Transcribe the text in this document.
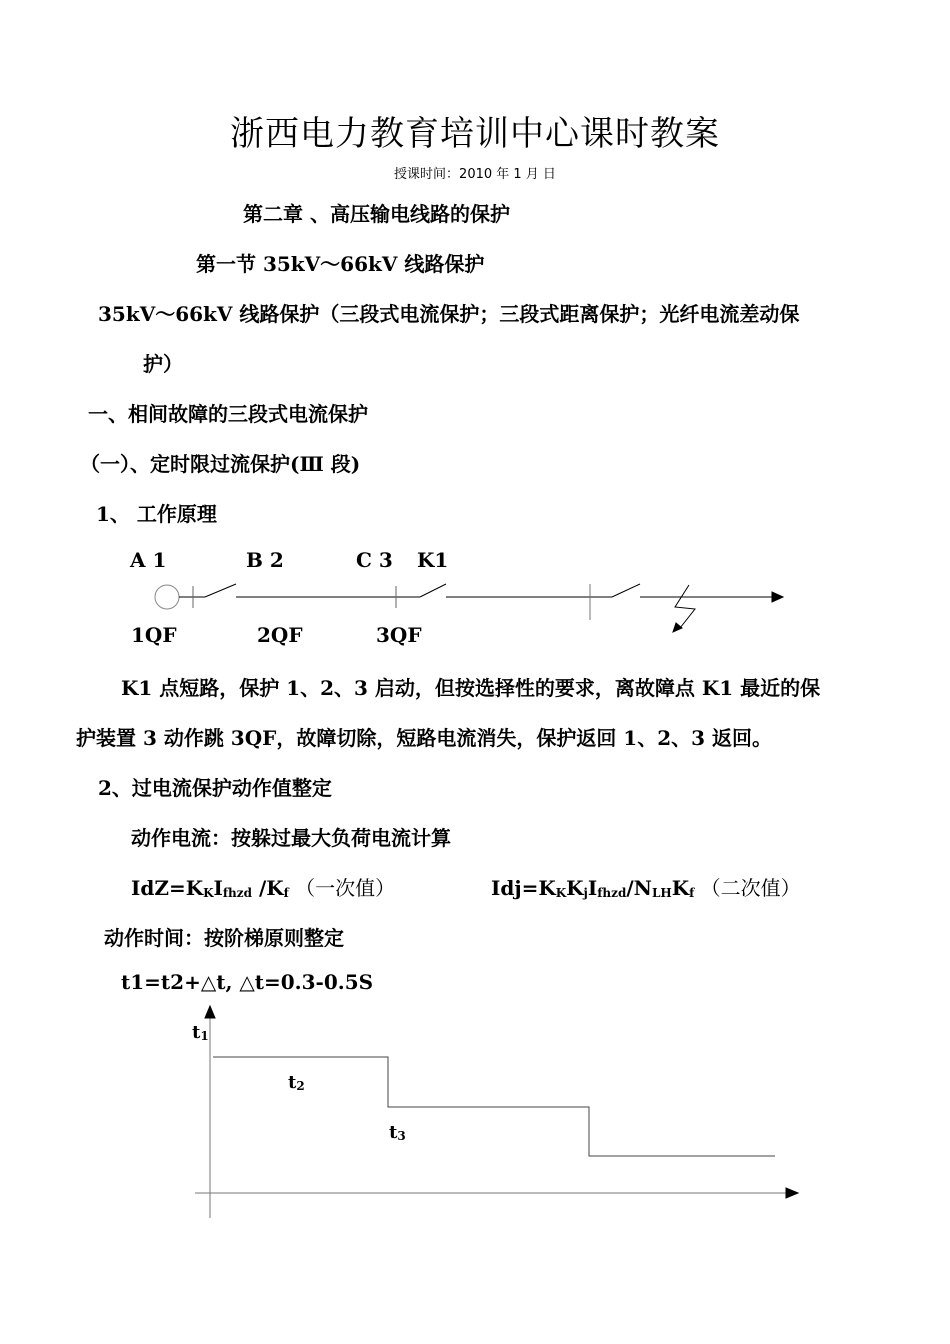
浙西电力教育培训中心课时教案
授课时间：2010 年 1 月 日
第二章 、高压输电线路的保护
第一节 35kV～66kV 线路保护
35kV～66kV 线路保护（三段式电流保护；三段式距离保护；光纤电流差动保
护）
一、相间故障的三段式电流保护
（一）、定时限过流保护(Ⅲ 段)
1、 工作原理
A 1	B 2	C 3 K1
1QF	2QF	3QF
K1 点短路，保护 1、2、3 启动，但按选择性的要求，离故障点 K1 最近的保
护装置 3 动作跳 3QF，故障切除，短路电流消失，保护返回 1、2、3 返回。
2、过电流保护动作值整定
动作电流：按躲过最大负荷电流计算
$IdZ=K_KI_{fhzd}$ $/K_f$ （一次值）	$Idj=K_KK_jI_{fhzd}/N_{LH}K_f$ （二次值）
动作时间：按阶梯原则整定
t1=t2+△t, △t=0.3-0.5S
$t_1$
$t_2$
$t_3$
